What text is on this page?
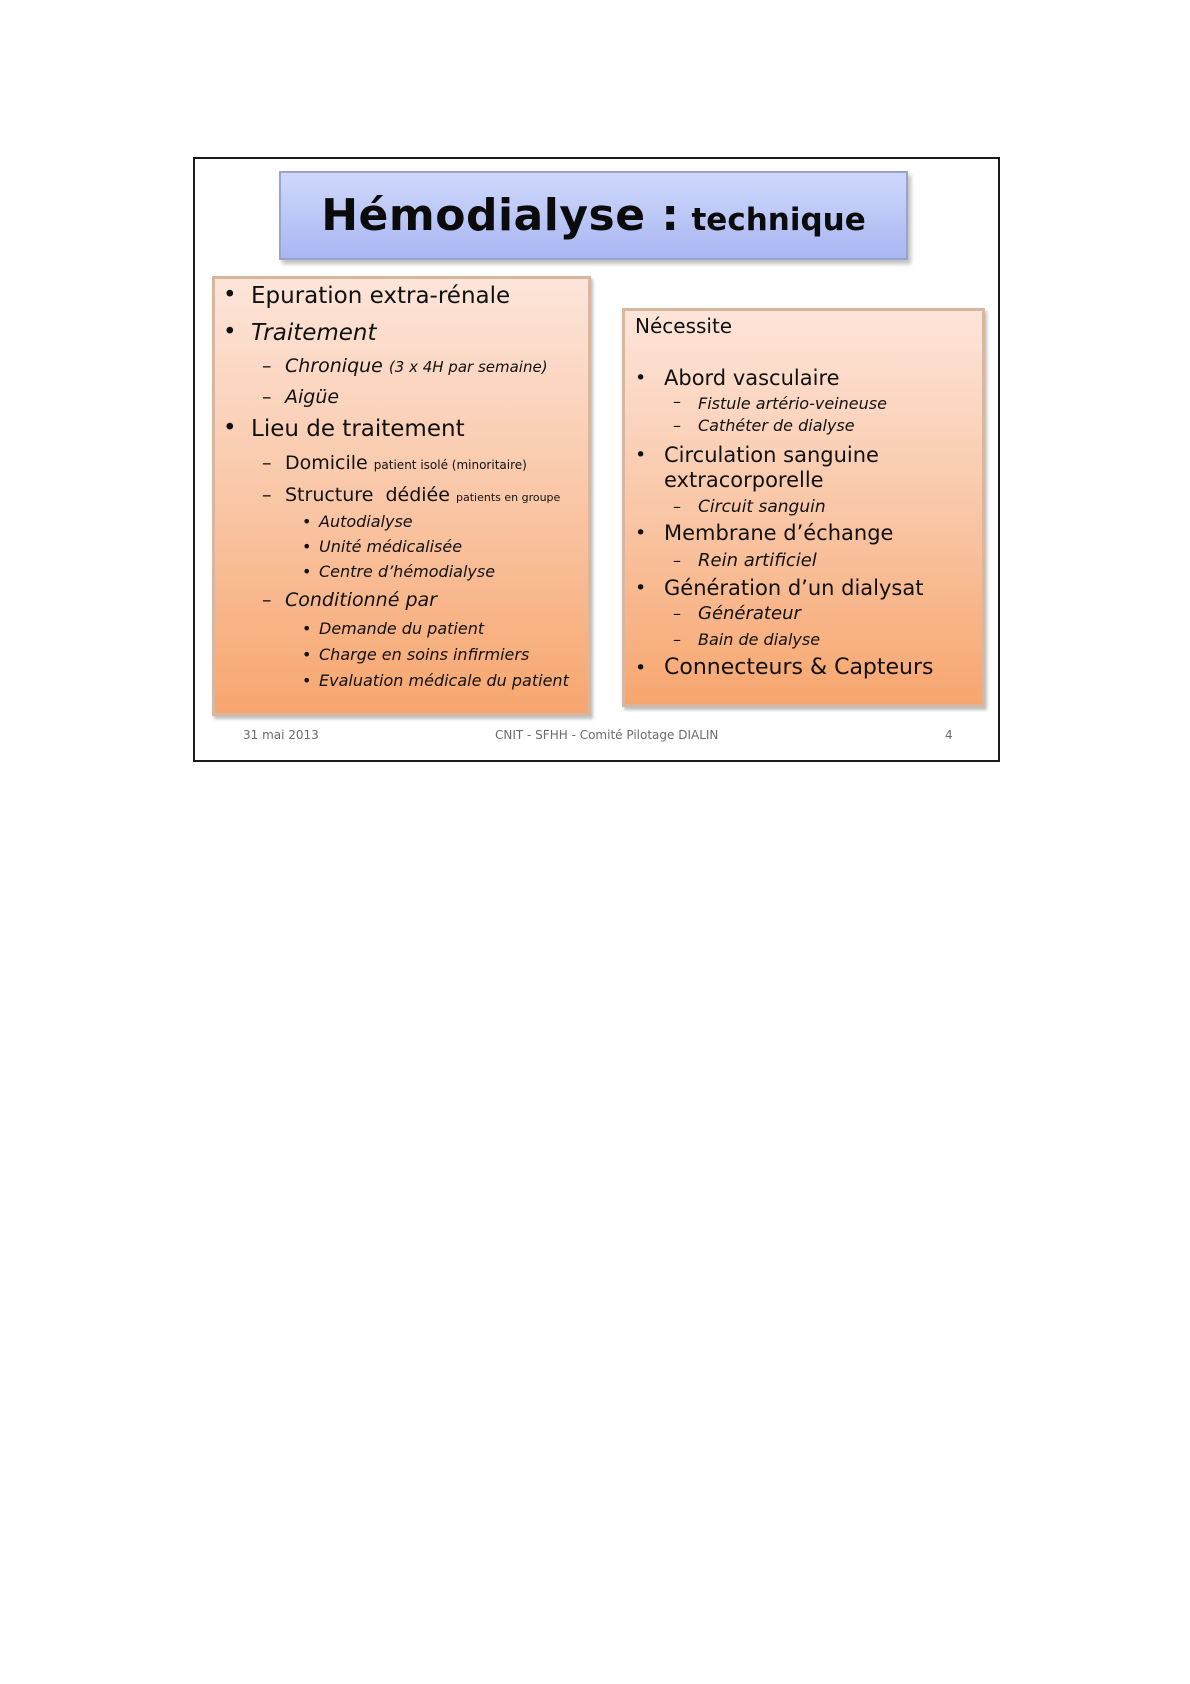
Hémodialyse : technique
• Epuration extra-rénale
• Traitement
– Chronique (3 x 4H par semaine)
– Aigüe
• Lieu de traitement
– Domicile patient isolé (minoritaire)
– Structure  dédiée patients en groupe
• Autodialyse
• Unité médicalisée
• Centre d’hémodialyse
– Conditionné par
• Demande du patient
• Charge en soins infirmiers
• Evaluation médicale du patient
Nécessite
• Abord vasculaire
– Fistule artério-veineuse
– Cathéter de dialyse
• Circulation sanguine
extracorporelle
– Circuit sanguin
• Membrane d’échange
– Rein artificiel
• Génération d’un dialysat
– Générateur
– Bain de dialyse
• Connecteurs & Capteurs
31 mai 2013	CNIT - SFHH - Comité Pilotage DIALIN	4
